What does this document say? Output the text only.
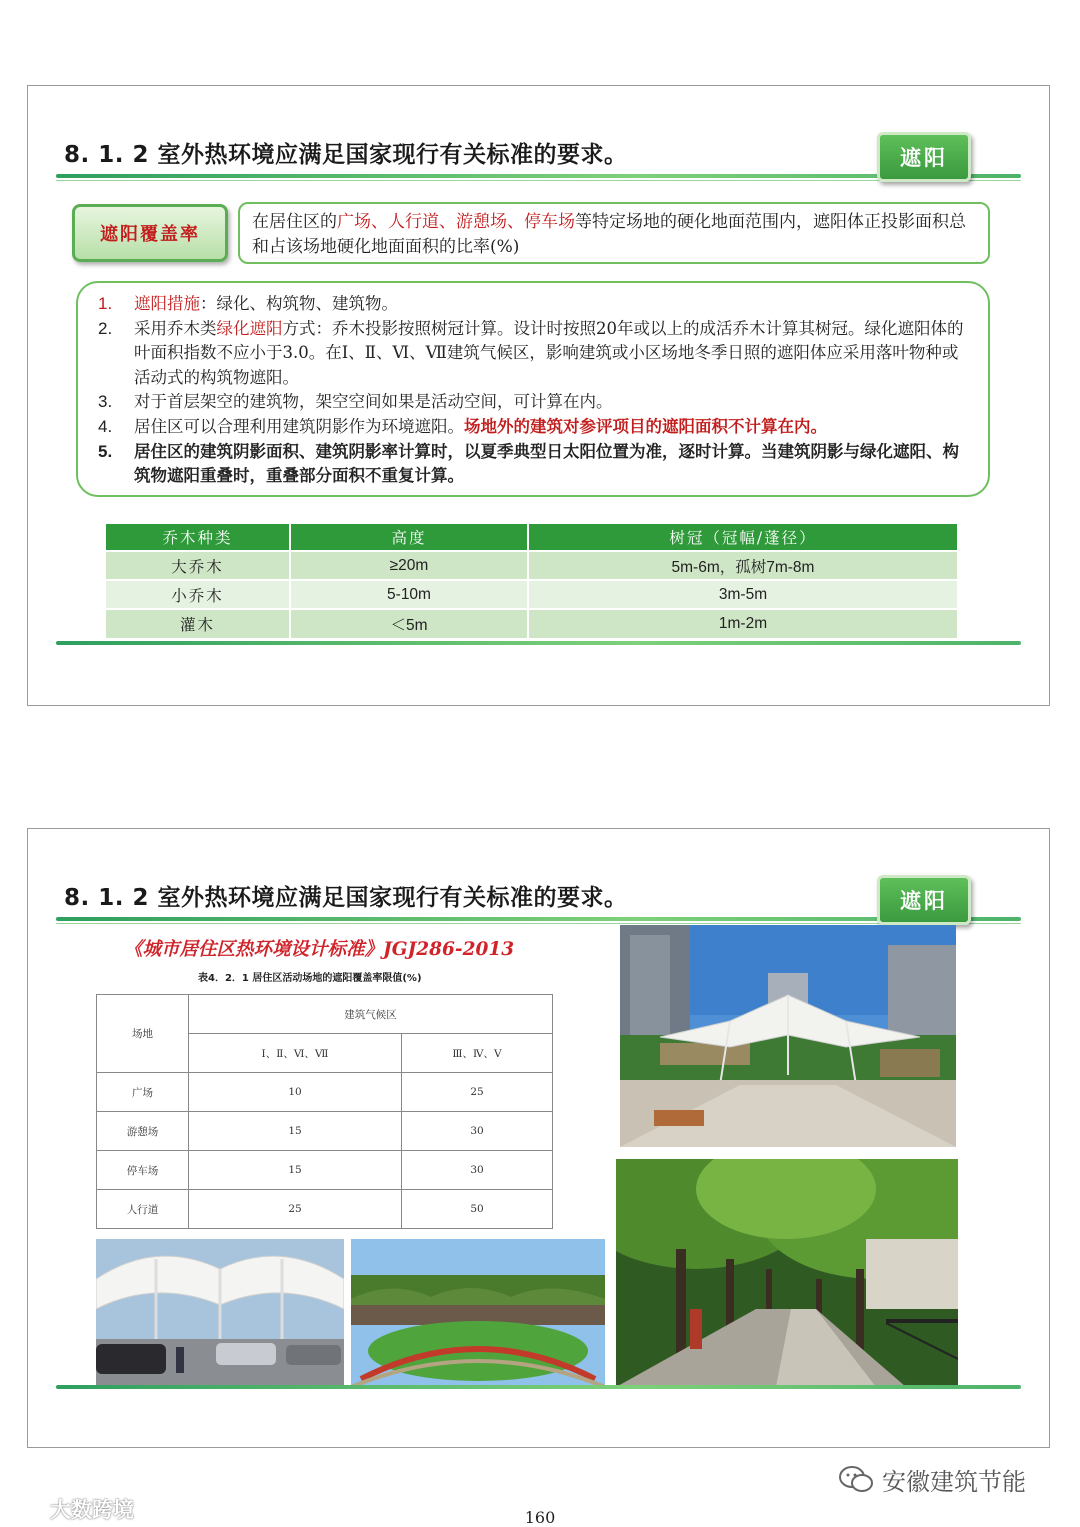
8. 1. 2 室外热环境应满足国家现行有关标准的要求。	遮阳
遮阳覆盖率
在居住区的广场、人行道、游憩场、停车场等特定场地的硬化地面范围内，遮阳体正投影面积总和占该场地硬化地面面积的比率(%)
1.	遮阳措施：绿化、构筑物、建筑物。
2.	采用乔木类绿化遮阳方式：乔木投影按照树冠计算。设计时按照20年或以上的成活乔木计算其树冠。绿化遮阳体的叶面积指数不应小于3.0。在Ⅰ、Ⅱ、Ⅵ、Ⅶ建筑气候区，影响建筑或小区场地冬季日照的遮阳体应采用落叶物种或活动式的构筑物遮阳。
3.	对于首层架空的建筑物，架空空间如果是活动空间，可计算在内。
4.	居住区可以合理利用建筑阴影作为环境遮阳。场地外的建筑对参评项目的遮阳面积不计算在内。
5.	居住区的建筑阴影面积、建筑阴影率计算时，以夏季典型日太阳位置为准，逐时计算。当建筑阴影与绿化遮阳、构筑物遮阳重叠时，重叠部分面积不重复计算。
乔木种类	高度	树冠（冠幅/蓬径）
大乔木	≥20m	5m-6m，孤树7m-8m
小乔木	5-10m	3m-5m
灌木	＜5m	1m-2m
8. 1. 2 室外热环境应满足国家现行有关标准的要求。	遮阳
《城市居住区热环境设计标准》JGJ286-2013
表4．2．1 居住区活动场地的遮阳覆盖率限值(%)
场地	建筑气候区	
	Ⅰ、Ⅱ、Ⅵ、Ⅶ	Ⅲ、Ⅳ、Ⅴ
广场	10	25
游憩场	15	30
停车场	15	30
人行道	25	50
大数跨境
安徽建筑节能
160
